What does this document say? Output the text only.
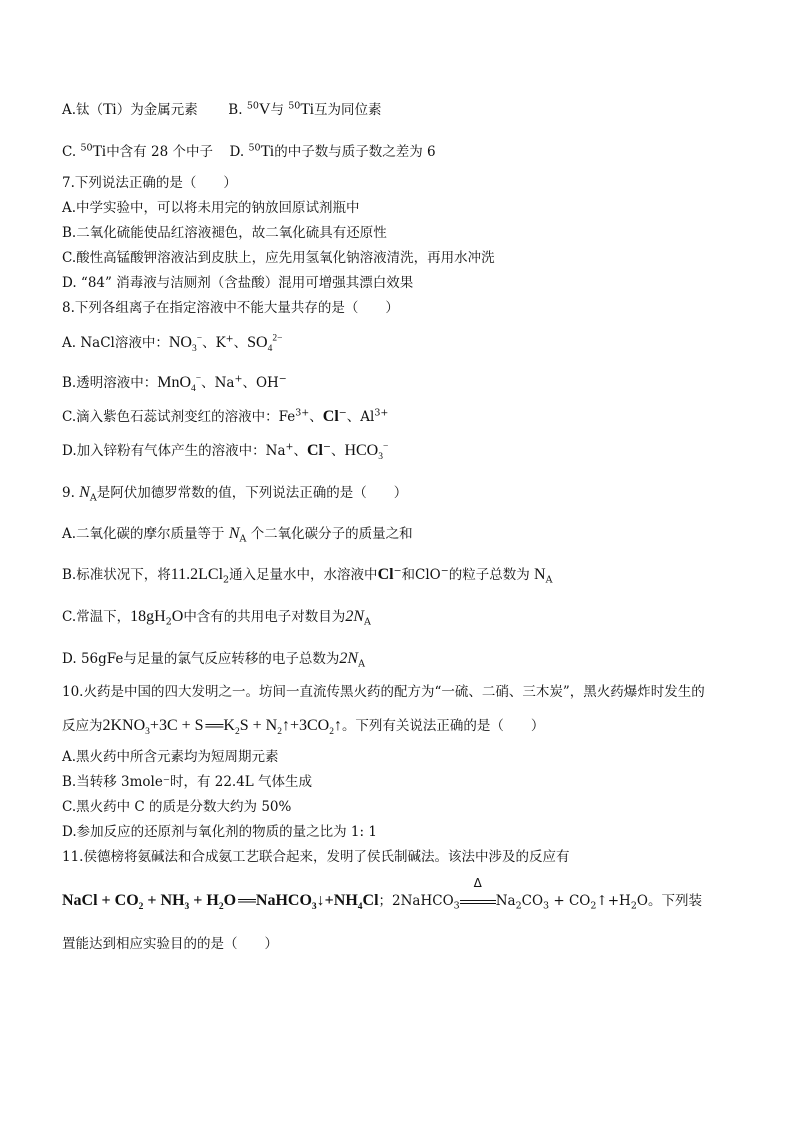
A.钛（Ti）为金属元素 B. $^{50}$V与 $^{50}$Ti互为同位素
C. $^{50}$Ti中含有 28 个中子 D. $^{50}$Ti的中子数与质子数之差为 6
7.下列说法正确的是（　　）
A.中学实验中，可以将未用完的钠放回原试剂瓶中
B.二氧化硫能使品红溶液褪色，故二氧化硫具有还原性
C.酸性高锰酸钾溶液沾到皮肤上，应先用氢氧化钠溶液清洗，再用水冲洗
D. “84” 消毒液与洁厕剂（含盐酸）混用可增强其漂白效果
8.下列各组离子在指定溶液中不能大量共存的是（　　）
A. NaCl溶液中：$NO_3^-$、K+、$SO_4^{2-}$
B.透明溶液中：MnO$_4$−、Na+、OH−
C.滴入紫色石蕊试剂变红的溶液中：$Fe^{3+}$、Cl−、$Al^{3+}$
D.加入锌粉有气体产生的溶液中：Na+、Cl−、$HCO_3^-$
9. $N_A$是阿伏加德罗常数的值，下列说法正确的是（　　）
A.二氧化碳的摩尔质量等于 $N_A$ 个二氧化碳分子的质量之和
B.标准状况下，将11.2LCl$_2$通入足量水中，水溶液中Cl−和ClO−的粒子总数为 $N_A$
C.常温下，$18gH_2O$中含有的共用电子对数目为$2N_A$
D. 56gFe与足量的氯气反应转移的电子总数为$2N_A$
10.火药是中国的四大发明之一。坊间一直流传黑火药的配方为“一硫、二硝、三木炭”，黑火药爆炸时发生的
反应为$2KNO_3+3C + S$ ══ $K_2S$ + $N_2↑+3CO_2↑$。下列有关说法正确的是（　　）
A.黑火药中所含元素均为短周期元素
B.当转移 3mole⁻时，有 22.4L 气体生成
C.黑火药中 C 的质是分数大约为 50%
D.参加反应的还原剂与氧化剂的物质的量之比为 1: 1
11.侯德榜将氨碱法和合成氨工艺联合起来，发明了侯氏制碱法。该法中涉及的反应有
NaCl + $CO_2 + NH_3 + H_2O$ ══ $NaHCO_3↓+NH_4Cl$；2NaHCO$_3$
Δ
$Na_2CO_3$ + $CO_2↑+H_2O$。下列装
置能达到相应实验目的的是（　　）
